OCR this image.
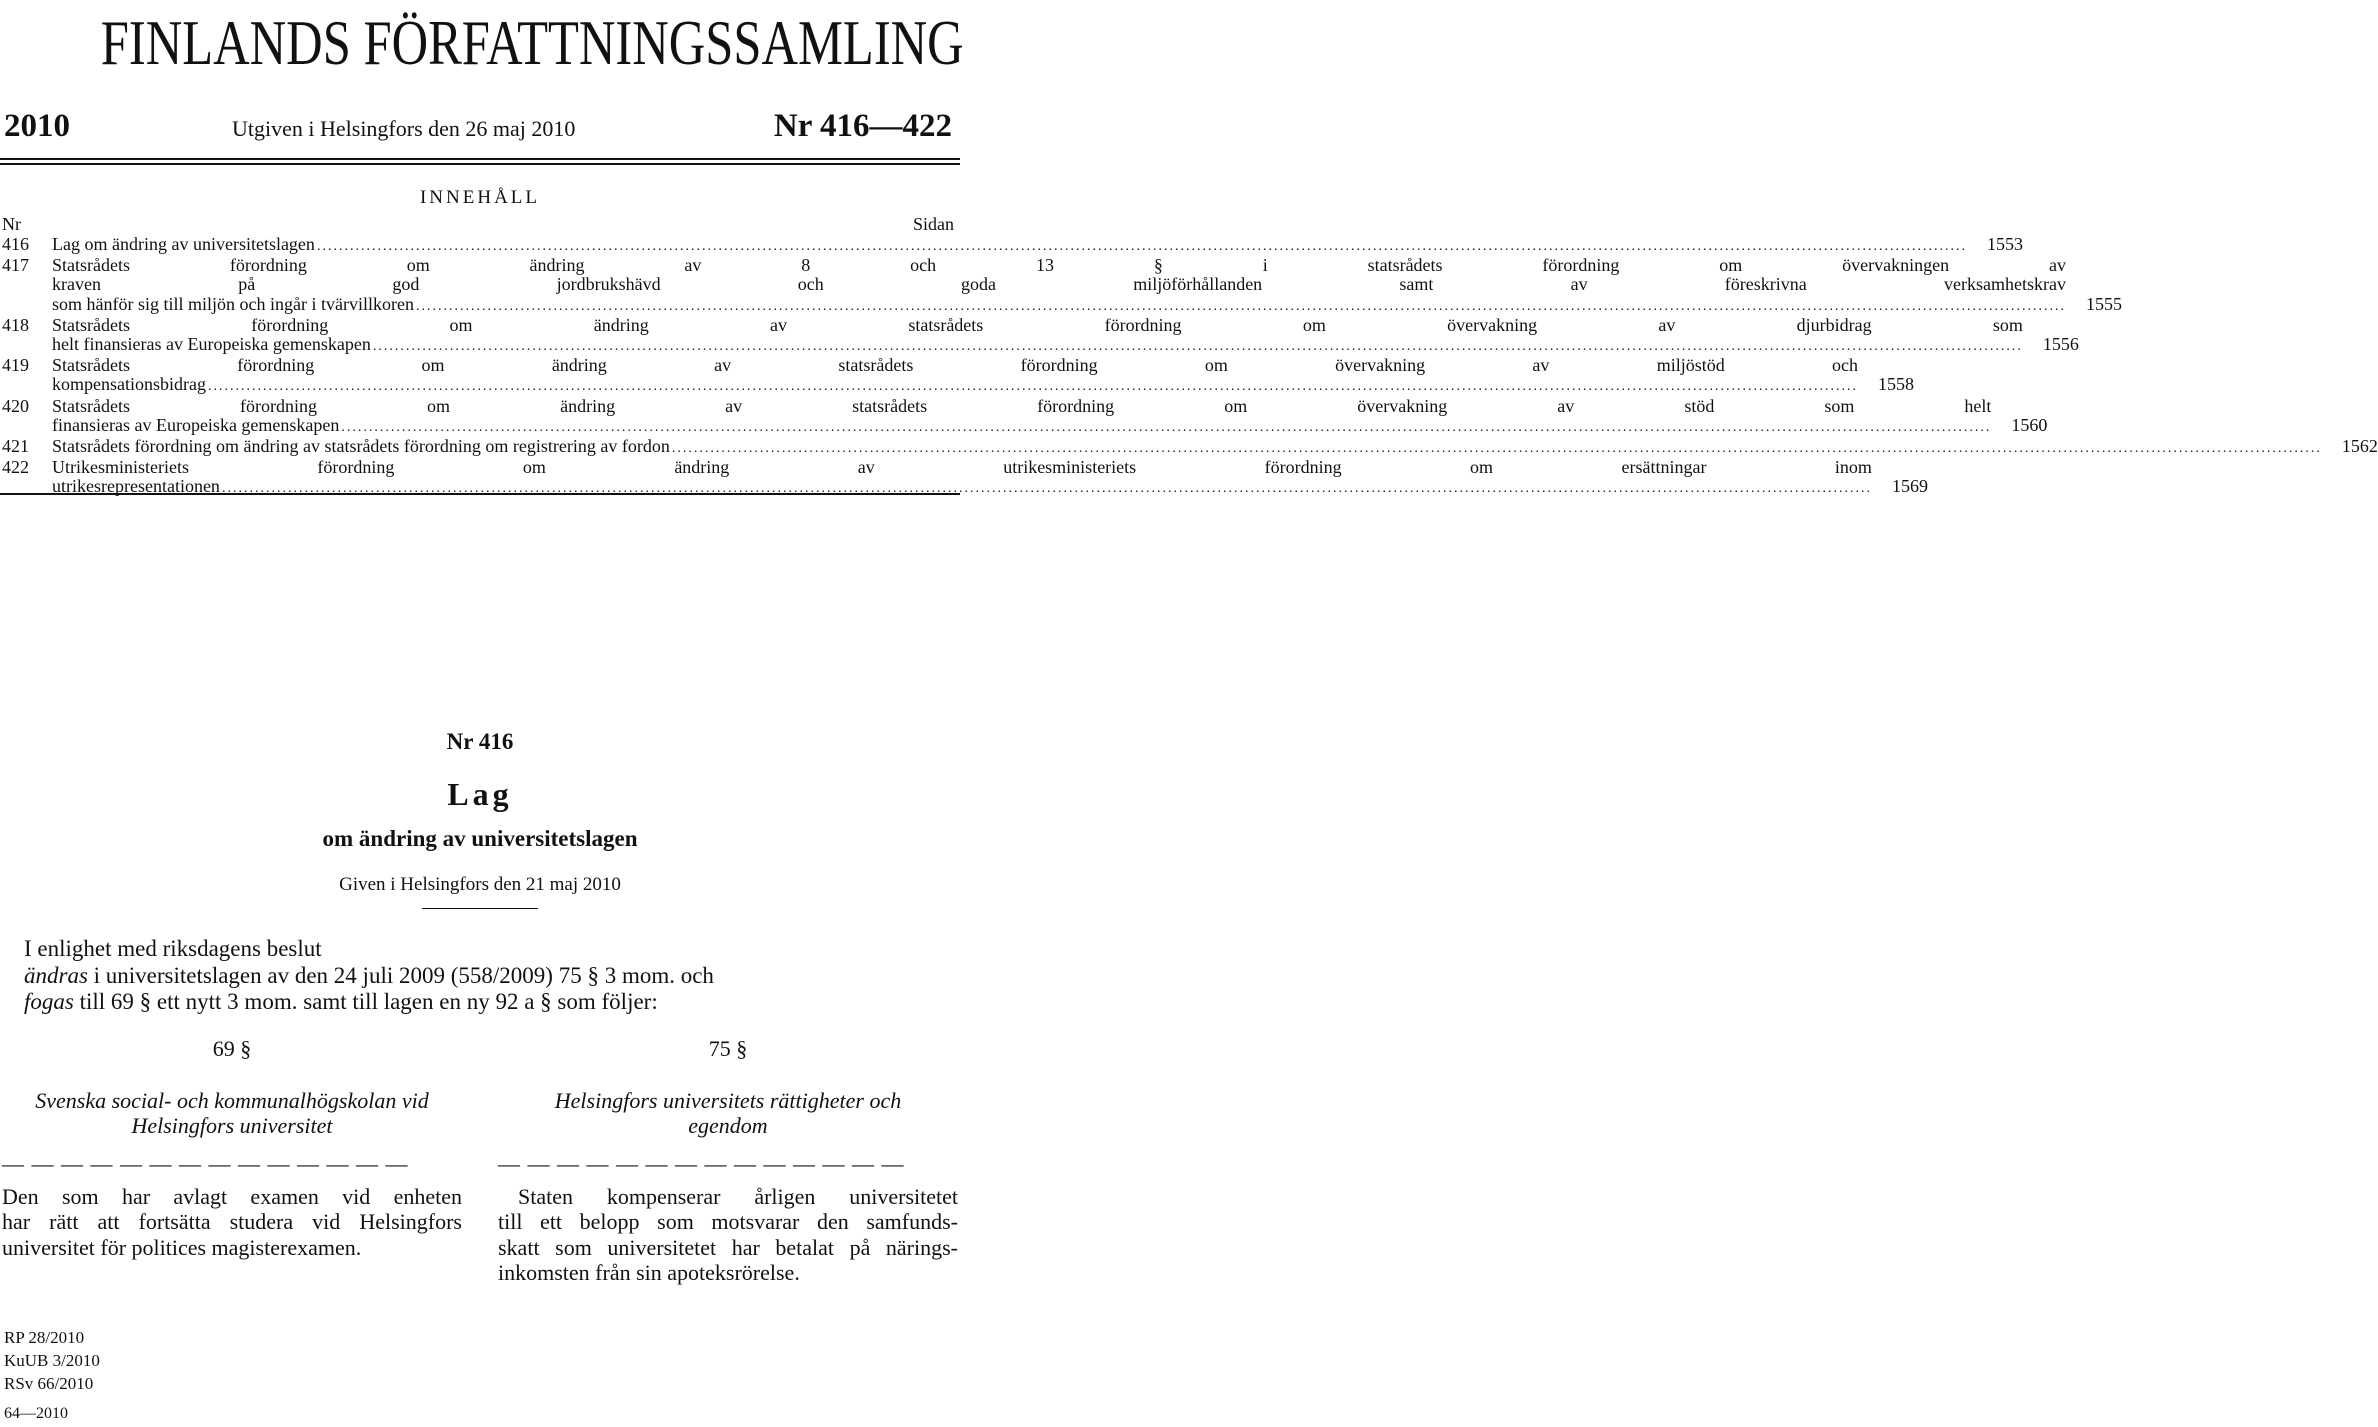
FINLANDS FÖRFATTNINGSSAMLING
2010	Utgiven i Helsingfors den 26 maj 2010	Nr 416—422
INNEHÅLL
Nr	Sidan
416	Lag om ändring av universitetslagen ............................................................................................................................................................................................................................................................................................................	1553
417	Statsrådets förordning om ändring av 8 och 13 § i statsrådets förordning om övervakningen av
kraven på god jordbrukshävd och goda miljöförhållanden samt av föreskrivna verksamhetskrav
som hänför sig till miljön och ingår i tvärvillkoren ............................................................................................................................................................................................................................................................................................................	1555
418	Statsrådets förordning om ändring av statsrådets förordning om övervakning av djurbidrag som
helt finansieras av Europeiska gemenskapen ............................................................................................................................................................................................................................................................................................................	1556
419	Statsrådets förordning om ändring av statsrådets förordning om övervakning av miljöstöd och
kompensationsbidrag ............................................................................................................................................................................................................................................................................................................	1558
420	Statsrådets förordning om ändring av statsrådets förordning om övervakning av stöd som helt
finansieras av Europeiska gemenskapen ............................................................................................................................................................................................................................................................................................................	1560
421	Statsrådets förordning om ändring av statsrådets förordning om registrering av fordon ............................................................................................................................................................................................................................................................................................................	1562
422	Utrikesministeriets förordning om ändring av utrikesministeriets förordning om ersättningar inom
utrikesrepresentationen ............................................................................................................................................................................................................................................................................................................	1569
Nr 416
Lag
om ändring av universitetslagen
Given i Helsingfors den 21 maj 2010
I enlighet med riksdagens beslut
ändras i universitetslagen av den 24 juli 2009 (558/2009) 75 § 3 mom. och
fogas till 69 § ett nytt 3 mom. samt till lagen en ny 92 a § som följer:
69 §
Svenska social- och kommunalhögskolan vid
Helsingfors universitet
— — — — — — — — — — — — — —
Den som har avlagt examen vid enheten
har rätt att fortsätta studera vid Helsingfors
universitet för politices magisterexamen.
75 §
Helsingfors universitets rättigheter och
egendom
— — — — — — — — — — — — — —
Staten kompenserar årligen universitetet
till ett belopp som motsvarar den samfunds-
skatt som universitetet har betalat på närings-
inkomsten från sin apoteksrörelse.
RP 28/2010
KuUB 3/2010
RSv 66/2010
64—2010
